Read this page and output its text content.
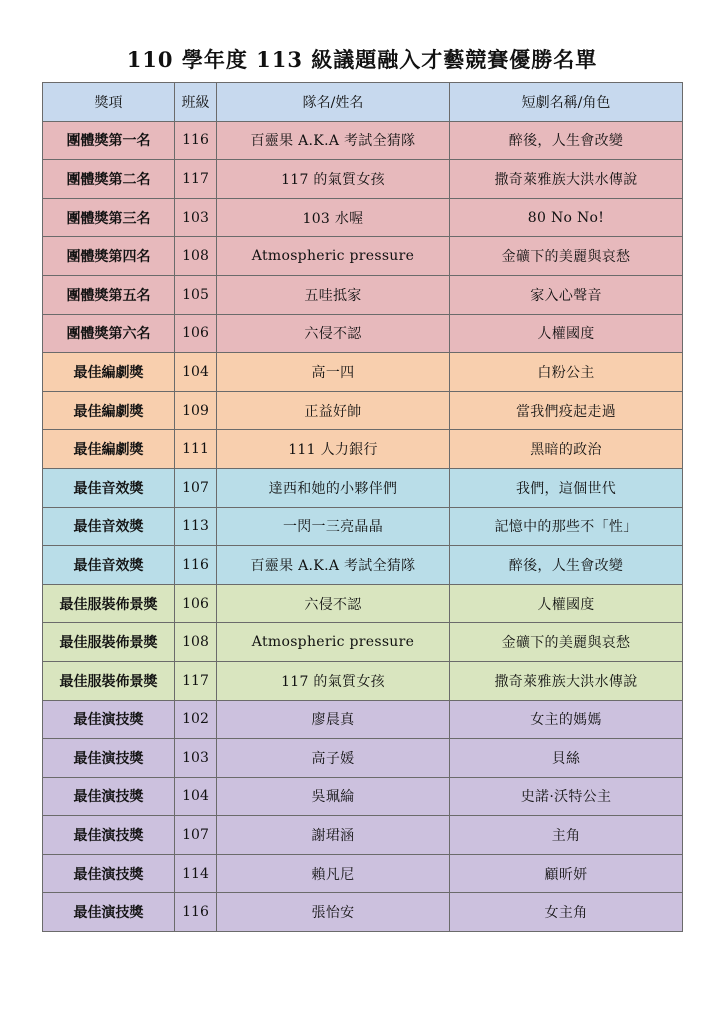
110 學年度 113 級議題融入才藝競賽優勝名單
獎項	班級	隊名/姓名	短劇名稱/角色
團體獎第一名	116	百靈果 A.K.A 考試全猜隊	醉後，人生會改變
團體獎第二名	117	117 的氣質女孩	撒奇萊雅族大洪水傳說
團體獎第三名	103	103 水喔	80 No No!
團體獎第四名	108	Atmospheric pressure	金礦下的美麗與哀愁
團體獎第五名	105	五哇抵家	家入心聲音
團體獎第六名	106	六侵不認	人權國度
最佳編劇獎	104	高一四	白粉公主
最佳編劇獎	109	正益好帥	當我們疫起走過
最佳編劇獎	111	111 人力銀行	黑暗的政治
最佳音效獎	107	達西和她的小夥伴們	我們，這個世代
最佳音效獎	113	一閃一三亮晶晶	記憶中的那些不「性」
最佳音效獎	116	百靈果 A.K.A 考試全猜隊	醉後，人生會改變
最佳服裝佈景獎	106	六侵不認	人權國度
最佳服裝佈景獎	108	Atmospheric pressure	金礦下的美麗與哀愁
最佳服裝佈景獎	117	117 的氣質女孩	撒奇萊雅族大洪水傳說
最佳演技獎	102	廖晨真	女主的媽媽
最佳演技獎	103	高子媛	貝絲
最佳演技獎	104	吳珮綸	史諾·沃特公主
最佳演技獎	107	謝珺涵	主角
最佳演技獎	114	賴凡尼	顧昕妍
最佳演技獎	116	張怡安	女主角
